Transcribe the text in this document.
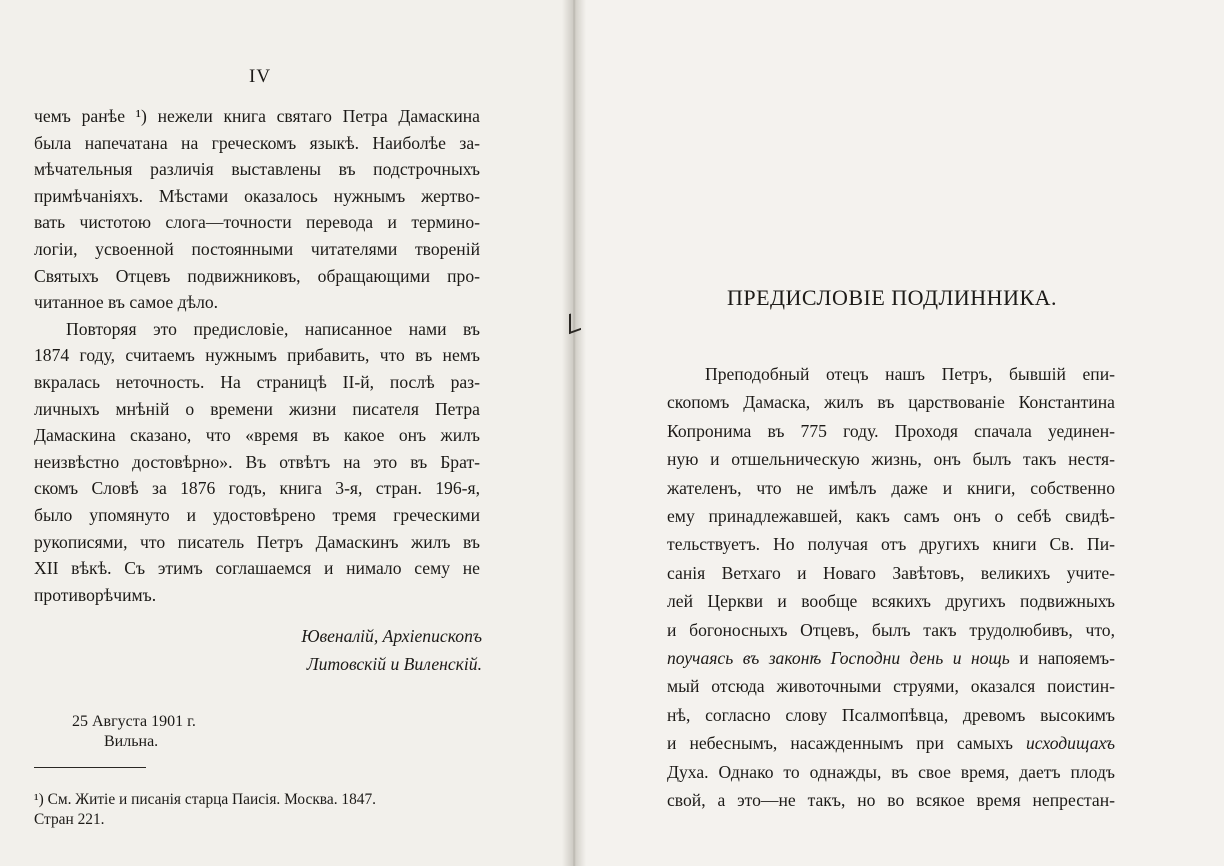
IV

чемъ ранѣе ¹) нежели книга святаго Петра Дамаскина
была напечатана на греческомъ языкѣ. Наиболѣе за-
мѣчательныя различія выставлены въ подстрочныхъ
примѣчаніяхъ. Мѣстами оказалось нужнымъ жертво-
вать чистотою слога—точности перевода и термино-
логіи, усвоенной постоянными читателями твореній
Святыхъ Отцевъ подвижниковъ, обращающими про-
читанное въ самое дѣло.

Повторяя это предисловіе, написанное нами въ
1874 году, считаемъ нужнымъ прибавить, что въ немъ
вкралась неточность. На страницѣ II-й, послѣ раз-
личныхъ мнѣній о времени жизни писателя Петра
Дамаскина сказано, что «время въ какое онъ жилъ
неизвѣстно достовѣрно». Въ отвѣтъ на это въ Брат-
скомъ Словѣ за 1876 годъ, книга 3-я, стран. 196-я,
было упомянуто и удостовѣрено тремя греческими
рукописями, что писатель Петръ Дамаскинъ жилъ въ
XII вѣкѣ. Съ этимъ соглашаемся и нимало сему не
противорѣчимъ.

Ювеналій, Архіепископъ
Литовскій и Виленскій.
25 Августа 1901 г.
Вильна.
¹) См. Житіе и писанія старца Паисія. Москва. 1847.
Стран 221.
ПРЕДИСЛОВІЕ ПОДЛИННИКА.
Преподобный отецъ нашъ Петръ, бывшій епи-
скопомъ Дамаска, жилъ въ царствованіе Константина
Копронима въ 775 году. Проходя спачала уединен-
ную и отшельническую жизнь, онъ былъ такъ нестя-
жателенъ, что не имѣлъ даже и книги, собственно
ему принадлежавшей, какъ самъ онъ о себѣ свидѣ-
тельствуетъ. Но получая отъ другихъ книги Св. Пи-
санія Ветхаго и Новаго Завѣтовъ, великихъ учите-
лей Церкви и вообще всякихъ другихъ подвижныхъ
и богоносныхъ Отцевъ, былъ такъ трудолюбивъ, что,
поучаясь въ законѣ Господни день и нощь и напояемъ-
мый отсюда животочными струями, оказался поистин-
нѣ, согласно слову Псалмопѣвца, древомъ высокимъ
и небеснымъ, насажденнымъ при самыхъ исходищахъ
Духа. Однако то однажды, въ свое время, даетъ плодъ
свой, а это—не такъ, но во всякое время непрестан-
